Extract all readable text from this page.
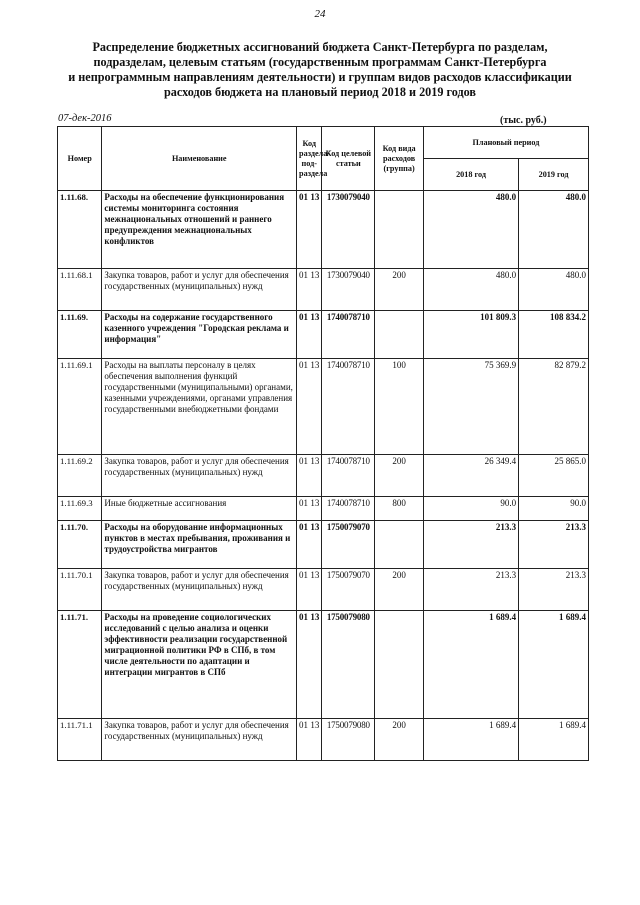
24
Распределение бюджетных ассигнований бюджета Санкт-Петербурга по разделам,
подразделам, целевым статьям (государственным программам Санкт-Петербурга
и непрограммным направлениям деятельности) и группам видов расходов классификации
расходов бюджета на плановый период 2018 и 2019 годов
07-дек-2016	(тыс. руб.)
Номер	Наименование	Код раздела/ под-раздела		Код целевой статьи	Код вида расходов (группа)	Плановый период	
						2018 год	2019 год
1.11.68.	Расходы на обеспечение функционирования системы мониторинга состояния межнациональных отношений и раннего предупреждения межнациональных конфликтов	01	13	1730079040		480.0	480.0
1.11.68.1	Закупка товаров, работ и услуг для обеспечения государственных (муниципальных) нужд	01	13	1730079040	200	480.0	480.0
1.11.69.	Расходы на содержание государственного казенного учреждения "Городская реклама и информация"	01	13	1740078710		101 809.3	108 834.2
1.11.69.1	Расходы на выплаты персоналу в целях обеспечения выполнения функций государственными (муниципальными) органами, казенными учреждениями, органами управления государственными внебюджетными фондами	01	13	1740078710	100	75 369.9	82 879.2
1.11.69.2	Закупка товаров, работ и услуг для обеспечения государственных (муниципальных) нужд	01	13	1740078710	200	26 349.4	25 865.0
1.11.69.3	Иные бюджетные ассигнования	01	13	1740078710	800	90.0	90.0
1.11.70.	Расходы на оборудование информационных пунктов в местах пребывания, проживания и трудоустройства мигрантов	01	13	1750079070		213.3	213.3
1.11.70.1	Закупка товаров, работ и услуг для обеспечения государственных (муниципальных) нужд	01	13	1750079070	200	213.3	213.3
1.11.71.	Расходы на проведение социологических исследований с целью анализа и оценки эффективности реализации государственной миграционной политики РФ в СПб, в том числе деятельности по адаптации и интеграции мигрантов в СПб	01	13	1750079080		1 689.4	1 689.4
1.11.71.1	Закупка товаров, работ и услуг для обеспечения государственных (муниципальных) нужд	01	13	1750079080	200	1 689.4	1 689.4
